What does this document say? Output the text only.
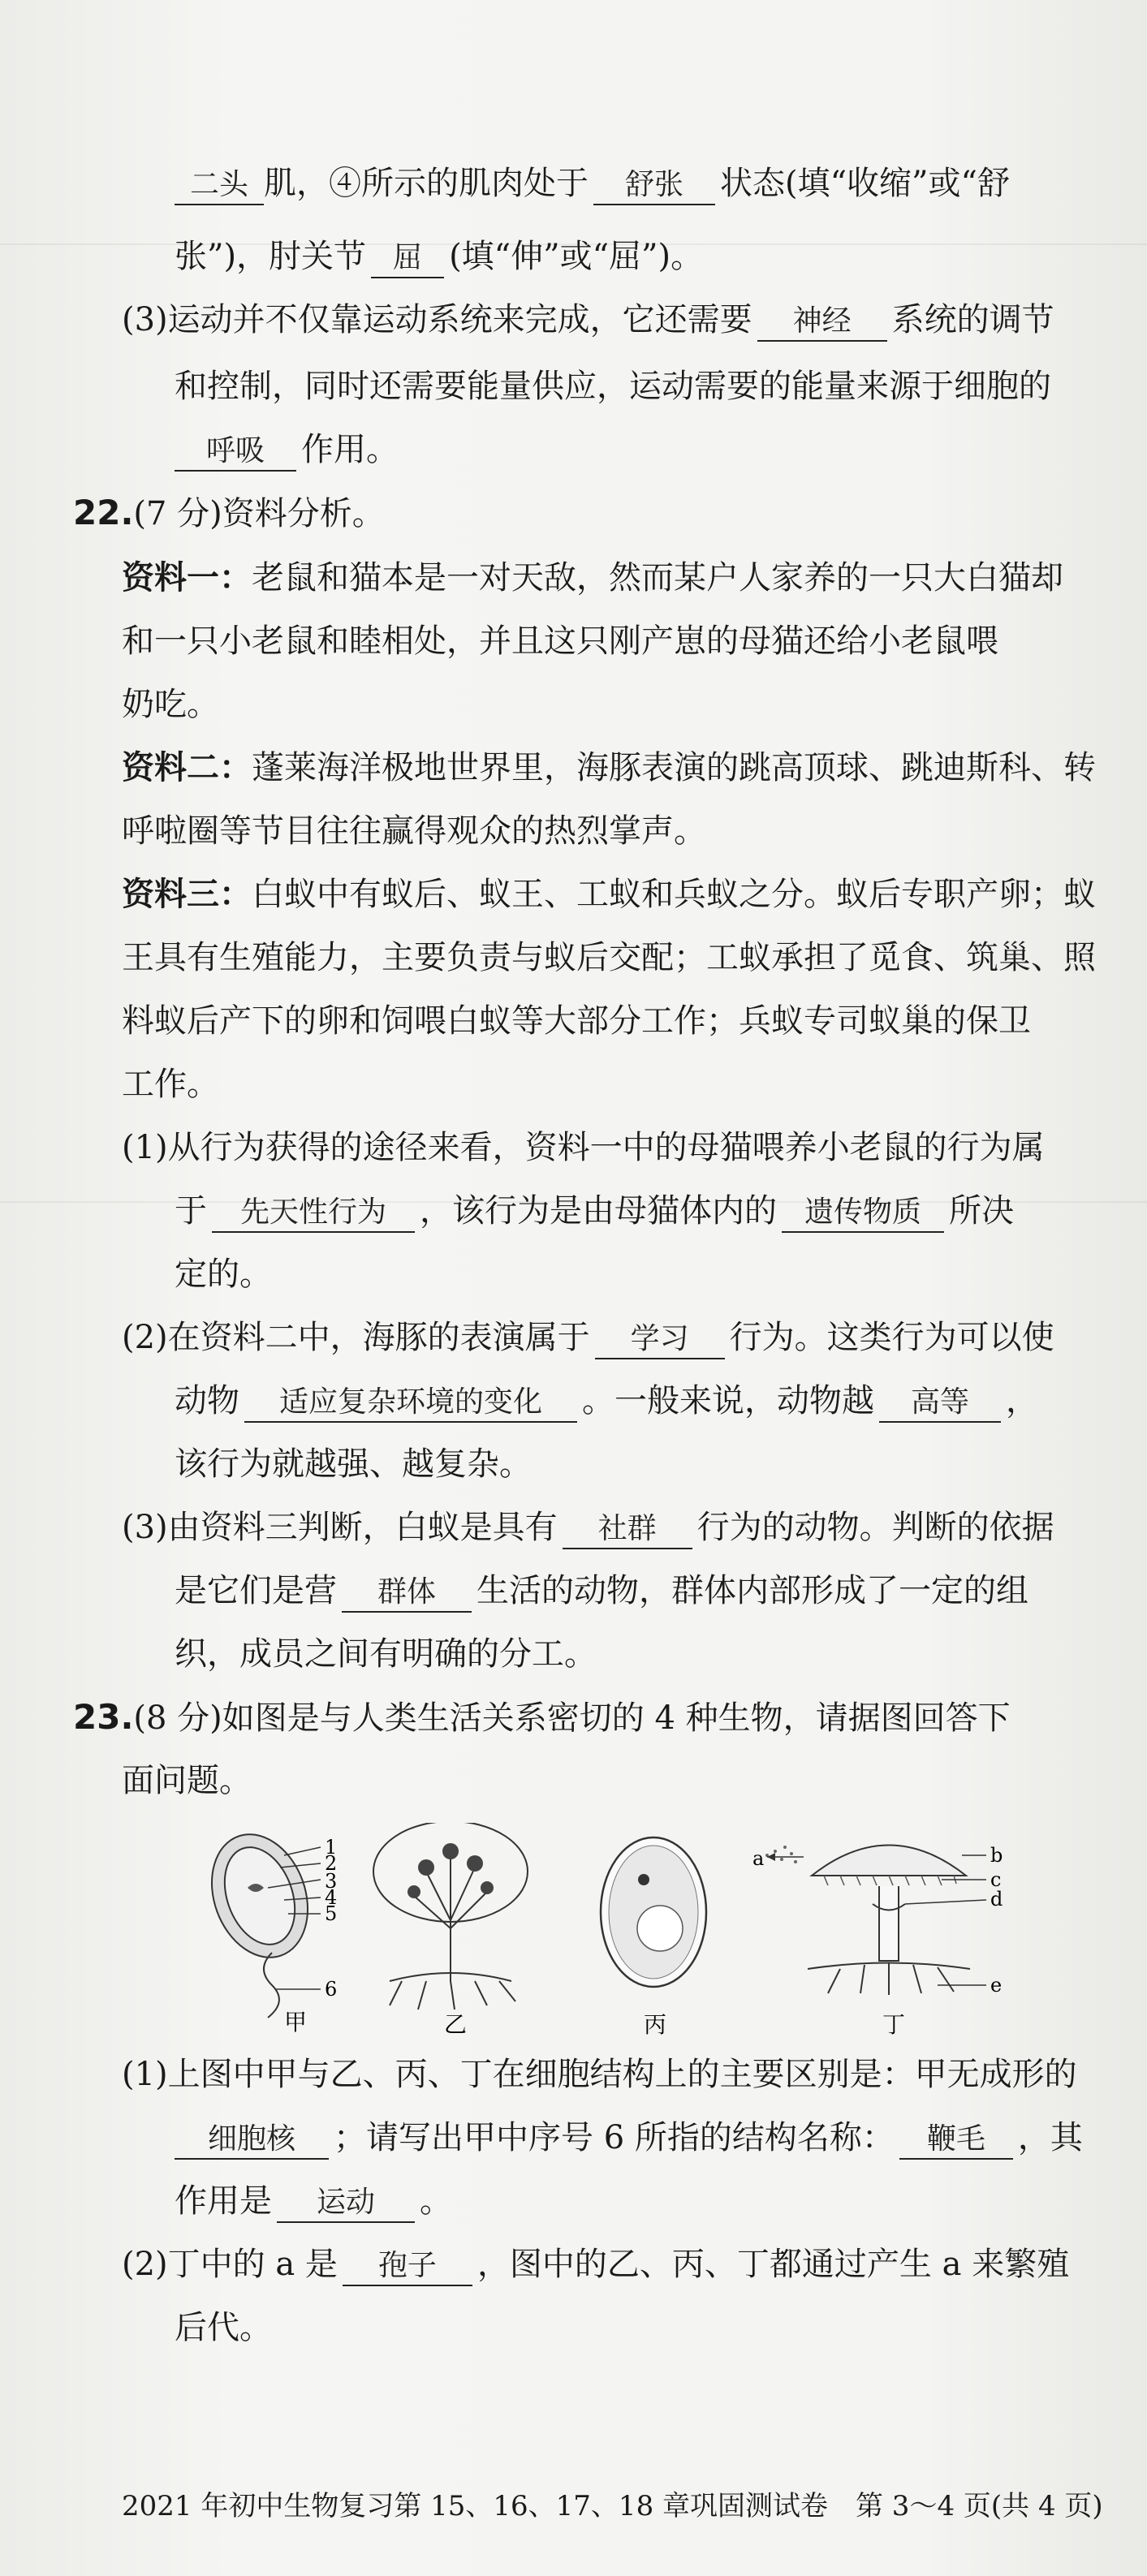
二头 肌，④所示的肌肉处于 舒张 状态(填“收缩”或“舒
张”)，肘关节 屈 (填“伸”或“屈”)。
(3)运动并不仅靠运动系统来完成，它还需要 神经 系统的调节
和控制，同时还需要能量供应，运动需要的能量来源于细胞的
呼吸 作用。
22.(7 分)资料分析。
资料一：老鼠和猫本是一对天敌，然而某户人家养的一只大白猫却
和一只小老鼠和睦相处，并且这只刚产崽的母猫还给小老鼠喂
奶吃。
资料二：蓬莱海洋极地世界里，海豚表演的跳高顶球、跳迪斯科、转
呼啦圈等节目往往赢得观众的热烈掌声。
资料三：白蚁中有蚁后、蚁王、工蚁和兵蚁之分。蚁后专职产卵；蚁
王具有生殖能力，主要负责与蚁后交配；工蚁承担了觅食、筑巢、照
料蚁后产下的卵和饲喂白蚁等大部分工作；兵蚁专司蚁巢的保卫
工作。
(1)从行为获得的途径来看，资料一中的母猫喂养小老鼠的行为属
于 先天性行为 ，该行为是由母猫体内的 遗传物质 所决
定的。
(2)在资料二中，海豚的表演属于 学习 行为。这类行为可以使
动物 适应复杂环境的变化 。一般来说，动物越 高等 ，
该行为就越强、越复杂。
(3)由资料三判断，白蚁是具有 社群 行为的动物。判断的依据
是它们是营 群体 生活的动物，群体内部形成了一定的组
织，成员之间有明确的分工。
23.(8 分)如图是与人类生活关系密切的 4 种生物，请据图回答下
面问题。
1
2
3
4
5
6
甲	乙	丙
a	b
c
d
e
丁
(1)上图中甲与乙、丙、丁在细胞结构上的主要区别是：甲无成形的
细胞核 ；请写出甲中序号 6 所指的结构名称： 鞭毛 ，其
作用是 运动 。
2021 年初中生物复习第 15、16、17、18 章巩固测试卷　第 3～4 页(共 4 页)
(2)丁中的 a 是 孢子 ，图中的乙、丙、丁都通过产生 a 来繁殖
后代。
